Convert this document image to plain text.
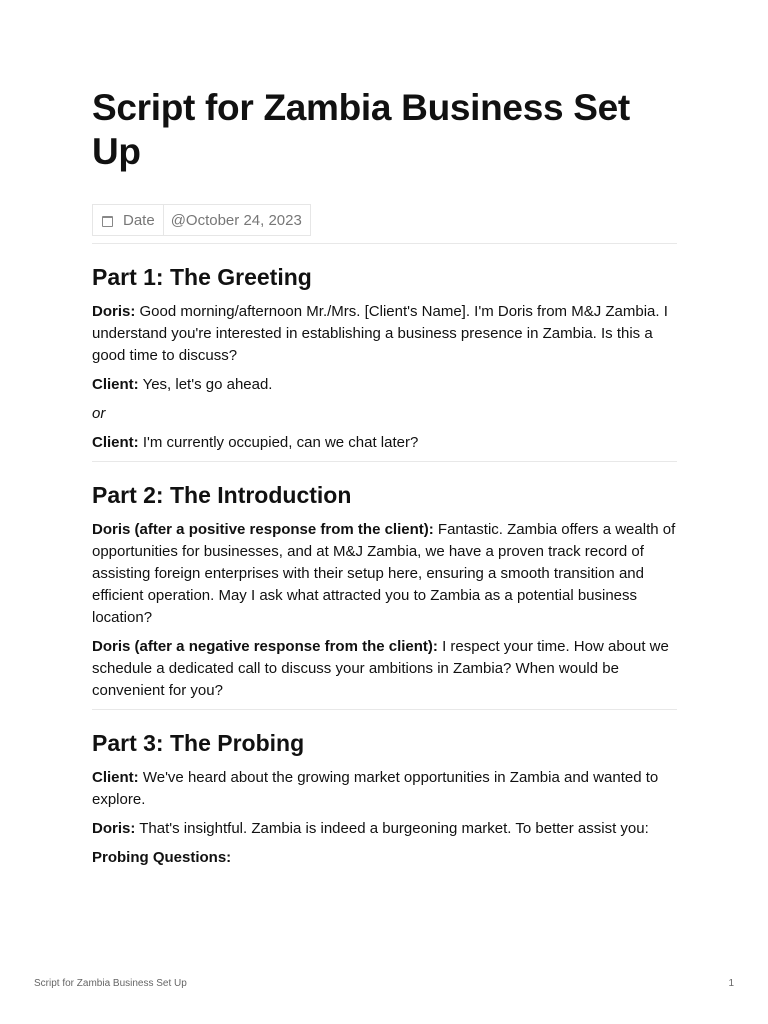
Script for Zambia Business Set Up
Date	@October 24, 2023
Part 1: The Greeting

Doris: Good morning/afternoon Mr./Mrs. [Client's Name]. I'm Doris from M&J Zambia. I understand you're interested in establishing a business presence in Zambia. Is this a good time to discuss?

Client: Yes, let's go ahead.

or

Client: I'm currently occupied, can we chat later?

Part 2: The Introduction

Doris (after a positive response from the client): Fantastic. Zambia offers a wealth of opportunities for businesses, and at M&J Zambia, we have a proven track record of assisting foreign enterprises with their setup here, ensuring a smooth transition and efficient operation. May I ask what attracted you to Zambia as a potential business location?

Doris (after a negative response from the client): I respect your time. How about we schedule a dedicated call to discuss your ambitions in Zambia? When would be convenient for you?

Part 3: The Probing

Client: We've heard about the growing market opportunities in Zambia and wanted to explore.

Doris: That's insightful. Zambia is indeed a burgeoning market. To better assist you:

Probing Questions:

Script for Zambia Business Set Up	1
